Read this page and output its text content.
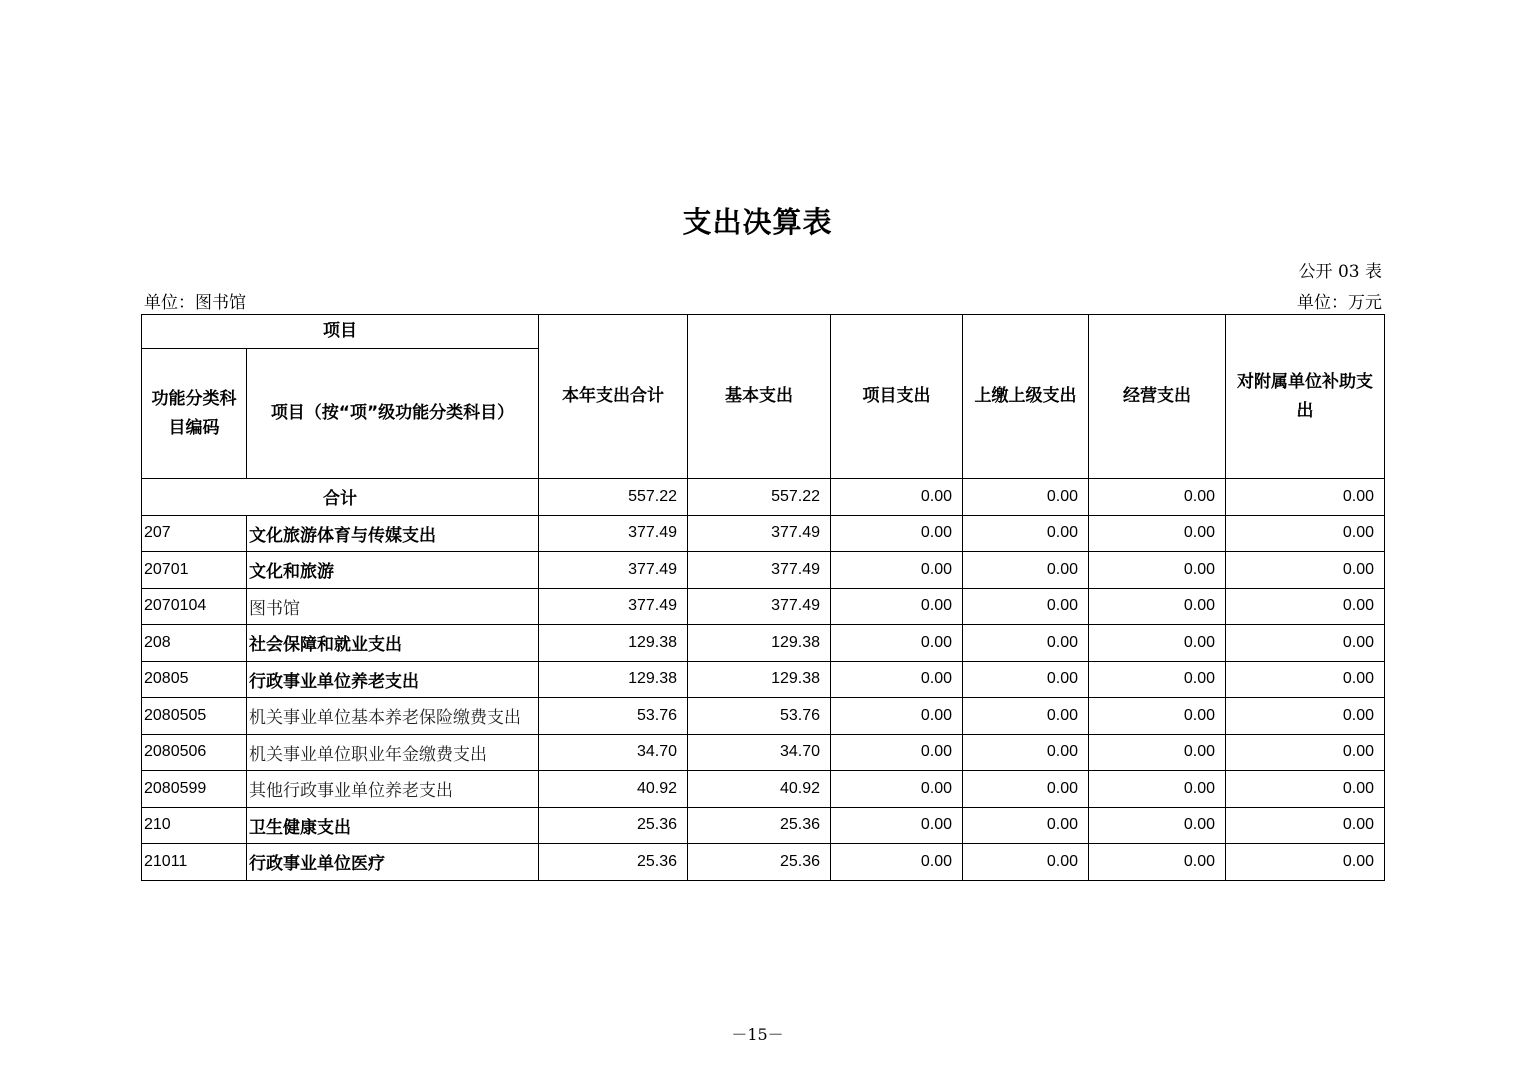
支出决算表
公开 03 表
单位：图书馆	单位：万元
项目		本年支出合计	基本支出	项目支出	上缴上级支出	经营支出	对附属单位补助支出
功能分类科目编码	项目（按“项”级功能分类科目）						
合计		557.22	557.22	0.00	0.00	0.00	0.00
207	文化旅游体育与传媒支出	377.49	377.49	0.00	0.00	0.00	0.00
20701	文化和旅游	377.49	377.49	0.00	0.00	0.00	0.00
2070104	图书馆	377.49	377.49	0.00	0.00	0.00	0.00
208	社会保障和就业支出	129.38	129.38	0.00	0.00	0.00	0.00
20805	行政事业单位养老支出	129.38	129.38	0.00	0.00	0.00	0.00
2080505	机关事业单位基本养老保险缴费支出	53.76	53.76	0.00	0.00	0.00	0.00
2080506	机关事业单位职业年金缴费支出	34.70	34.70	0.00	0.00	0.00	0.00
2080599	其他行政事业单位养老支出	40.92	40.92	0.00	0.00	0.00	0.00
210	卫生健康支出	25.36	25.36	0.00	0.00	0.00	0.00
21011	行政事业单位医疗	25.36	25.36	0.00	0.00	0.00	0.00
－15－
